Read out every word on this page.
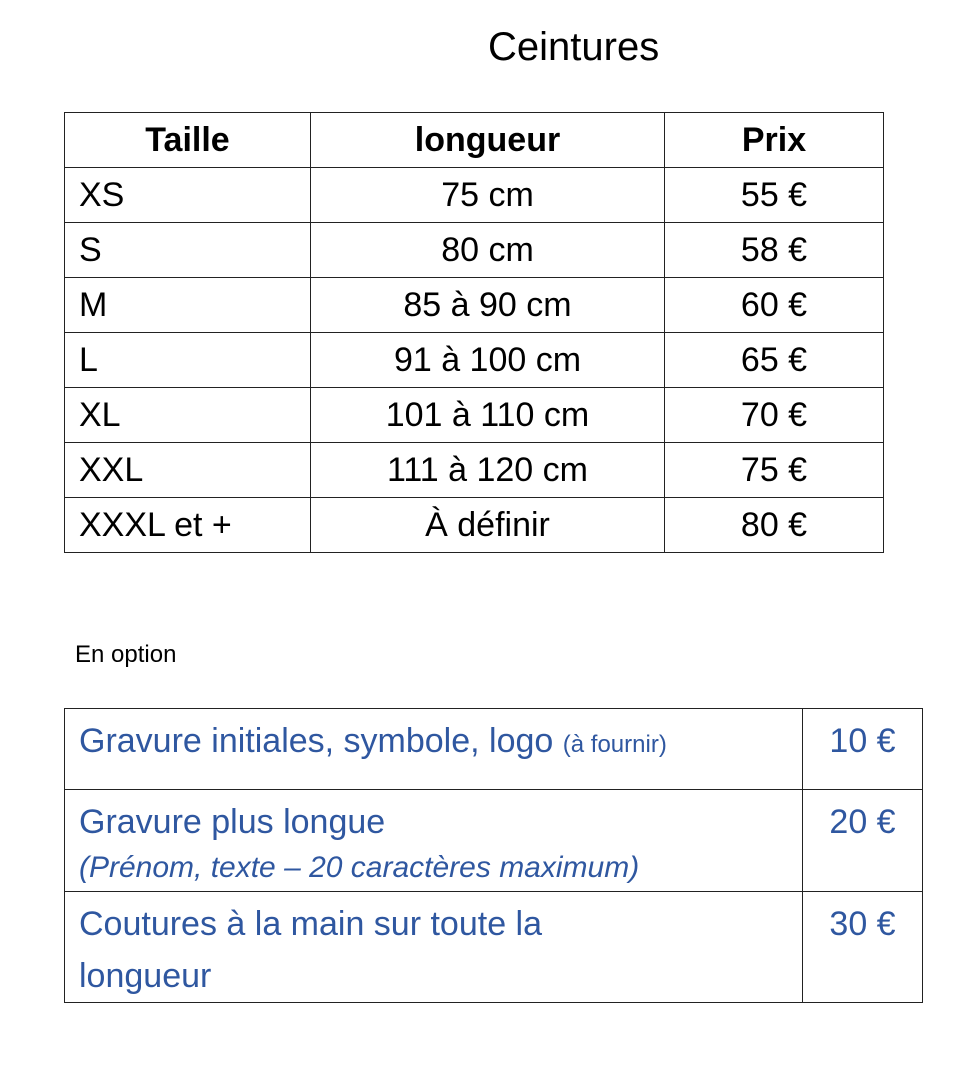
Ceintures
Taille	longueur	Prix
XS	75 cm	55 €
S	80 cm	58 €
M	85 à 90 cm	60 €
L	91 à 100 cm	65 €
XL	101 à 110 cm	70 €
XXL	111 à 120 cm	75 €
XXXL et +	À définir	80 €
En option
Gravure initiales, symbole, logo (à fournir)	10 €

Gravure plus longue
(Prénom, texte – 20 caractères maximum)	20 €

Coutures à la main sur toute la
longueur	30 €
